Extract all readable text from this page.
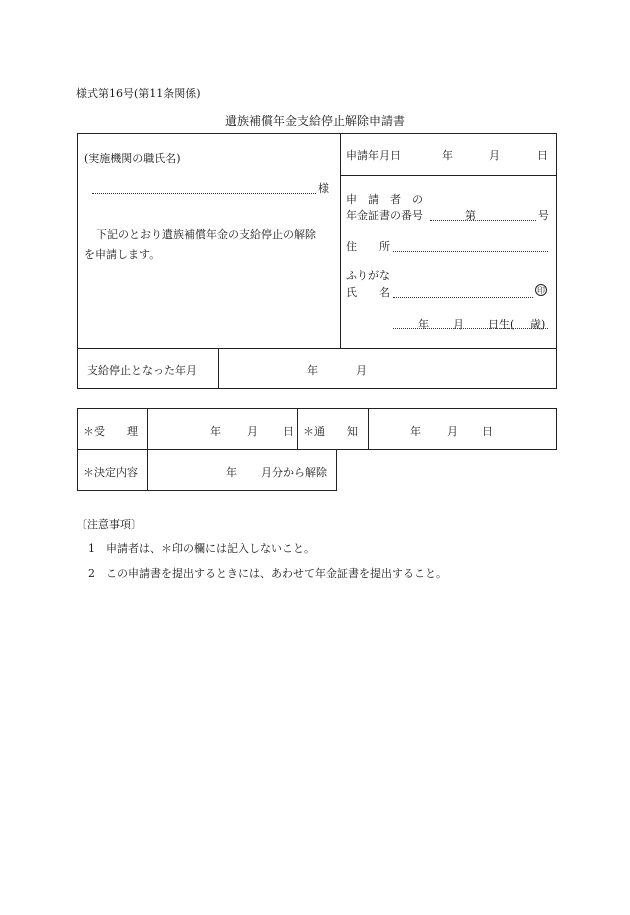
様式第16号(第11条関係)
遺族補償年金支給停止解除申請書
(実施機関の職氏名)
様
下記のとおり遺族補償年金の支給停止の解除
を申請します。
申請年月日	年	月	日
申　請　者　の
年金証書の番号	第	号
住　　所
ふりがな
氏　　名	印
年 月 日生( 歳)
支給停止となった年月	年	月
＊受　　理	年 月 日 ＊通　　知	年 月 日
＊決定内容	年 月分から解除
〔注意事項〕
1　申請者は、＊印の欄には記入しないこと。
2　この申請書を提出するときには、あわせて年金証書を提出すること。
